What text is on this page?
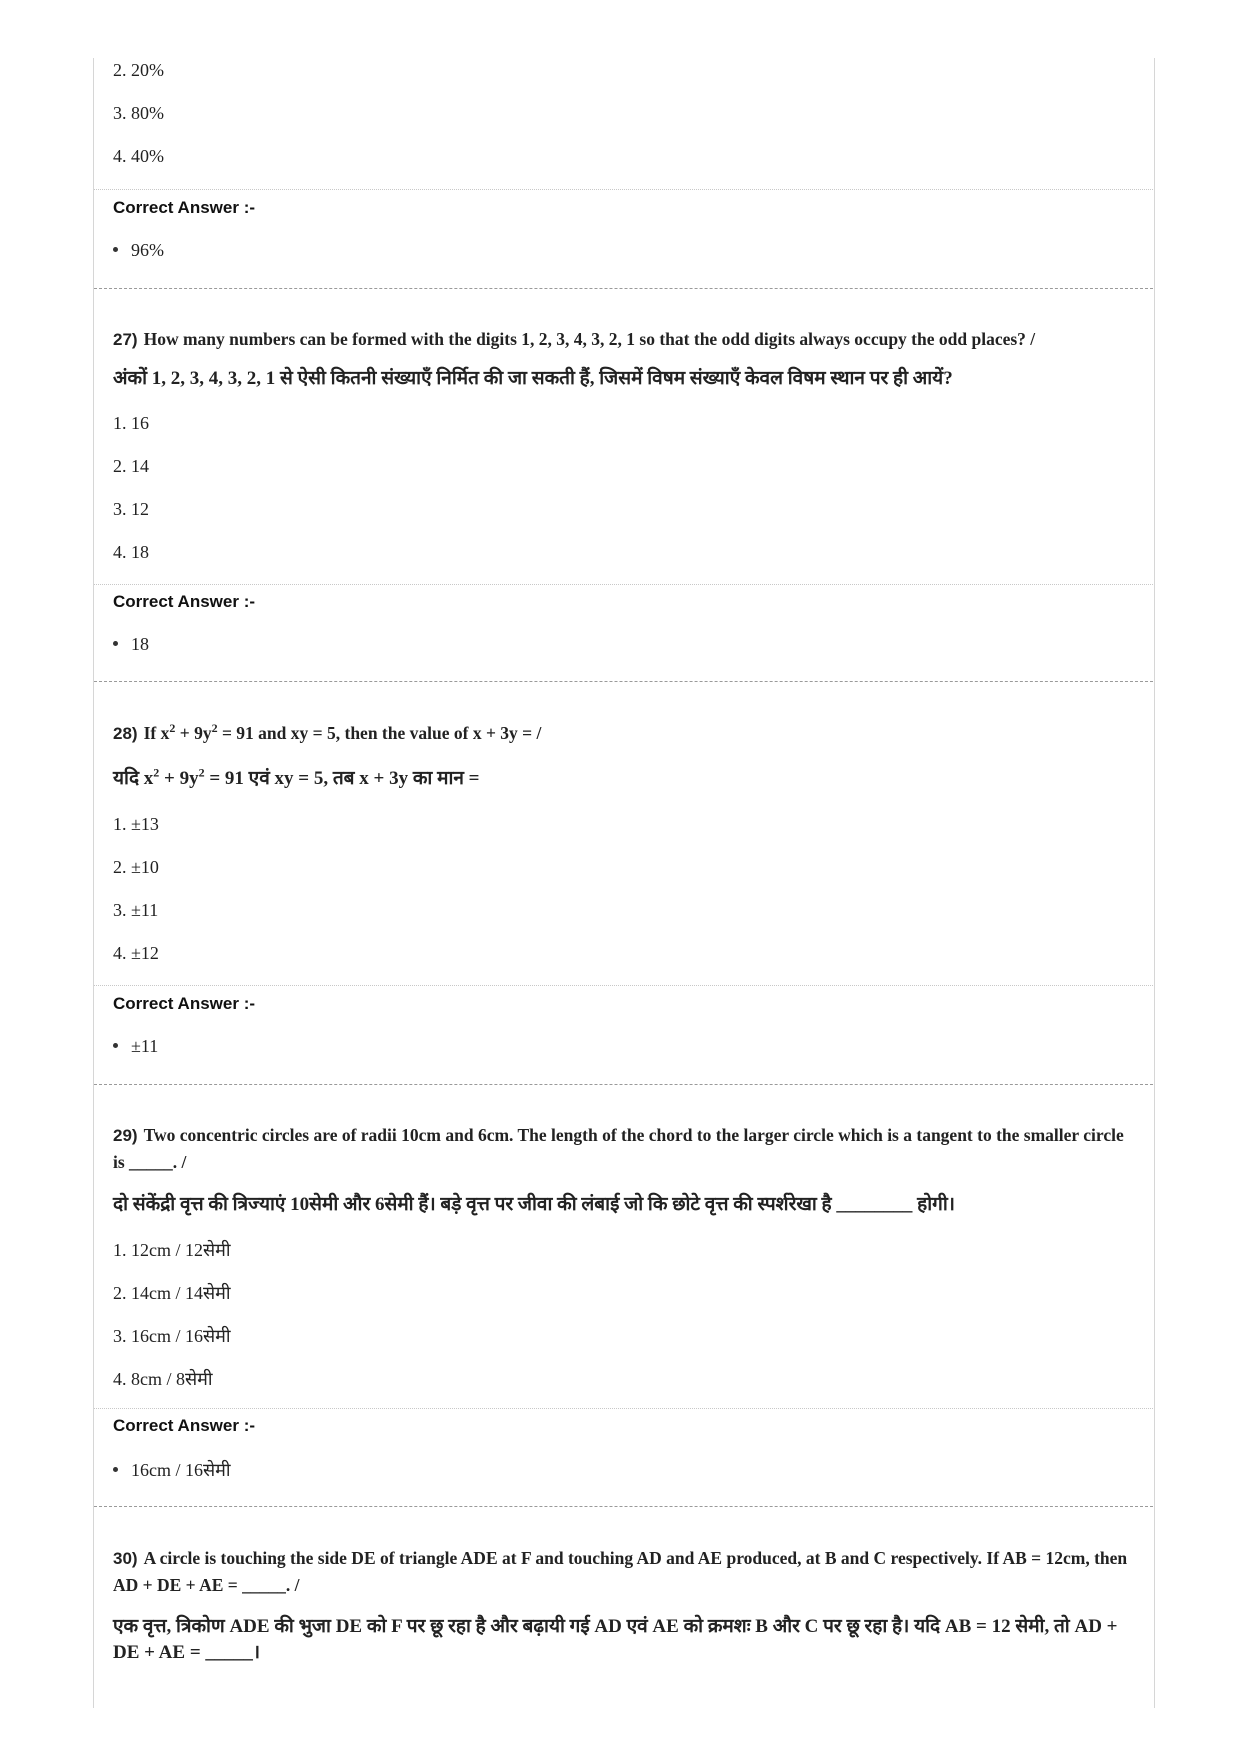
2. 20%
3. 80%
4. 40%
Correct Answer :-
96%
27) How many numbers can be formed with the digits 1, 2, 3, 4, 3, 2, 1 so that the odd digits always occupy the odd places? /
अंकों 1, 2, 3, 4, 3, 2, 1 से ऐसी कितनी संख्याएँ निर्मित की जा सकती हैं, जिसमें विषम संख्याएँ केवल विषम स्थान पर ही आयें?
1. 16
2. 14
3. 12
4. 18
Correct Answer :-
18
28) If $x^2 + 9y^2 = 91$ and xy = 5, then the value of x + 3y = /
यदि $x^2 + 9y^2 = 91$ एवं xy = 5, तब x + 3y का मान =
1. ±13
2. ±10
3. ±11
4. ±12
Correct Answer :-
±11
29) Two concentric circles are of radii 10cm and 6cm. The length of the chord to the larger circle which is a tangent to the smaller circle is _____. /
दो संकेंद्री वृत्त की त्रिज्याएं 10सेमी और 6सेमी हैं। बड़े वृत्त पर जीवा की लंबाई जो कि छोटे वृत्त की स्पर्शरेखा है ________ होगी।
1. 12cm / 12सेमी
2. 14cm / 14सेमी
3. 16cm / 16सेमी
4. 8cm / 8सेमी
Correct Answer :-
16cm / 16सेमी
30) A circle is touching the side DE of triangle ADE at F and touching AD and AE produced, at B and C respectively. If AB = 12cm, then AD + DE + AE = _____. /
एक वृत्त, त्रिकोण ADE की भुजा DE को F पर छू रहा है और बढ़ायी गई AD एवं AE को क्रमशः B और C पर छू रहा है। यदि AB = 12 सेमी, तो AD + DE + AE = _____।
